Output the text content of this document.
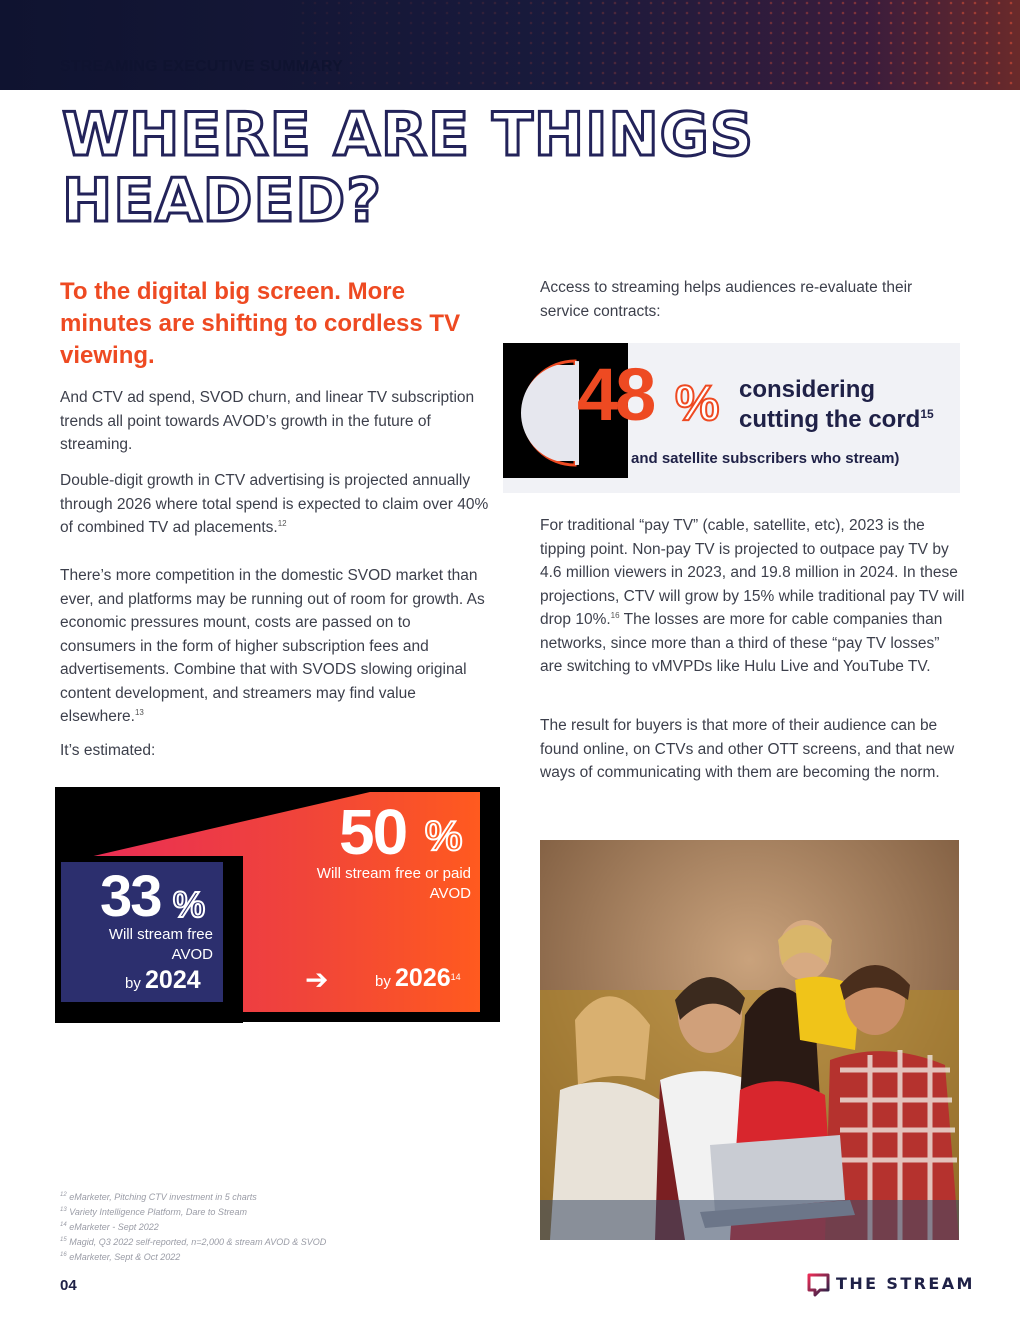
STREAMING EXECUTIVE SUMMARY
WHERE ARE THINGS
HEADED?
To the digital big screen. More minutes are shifting to cordless TV viewing.

And CTV ad spend, SVOD churn, and linear TV subscription trends all point towards AVOD’s growth in the future of streaming.

Double-digit growth in CTV advertising is projected annually through 2026 where total spend is expected to claim over 40% of combined TV ad placements.$^{12}$

There’s more competition in the domestic SVOD market than ever, and platforms may be running out of room for growth. As economic pressures mount, costs are passed on to consumers in the form of higher subscription fees and advertisements. Combine that with SVODS slowing original content development, and streamers may find value elsewhere.$^{13}$

It’s estimated:

50 %
Will stream free or paid AVOD
➔	by 2026$^{14}$
33 %
Will stream free AVOD
by 2024

Access to streaming helps audiences re-evaluate their service contracts:

48 % considering
cutting the cord$^{15}$
and satellite subscribers who stream)

For traditional “pay TV” (cable, satellite, etc), 2023 is the tipping point. Non-pay TV is projected to outpace pay TV by 4.6 million viewers in 2023, and 19.8 million in 2024. In these projections, CTV will grow by 15% while traditional pay TV will drop 10%.$^{16}$ The losses are more for cable companies than networks, since more than a third of these “pay TV losses” are switching to vMVPDs like Hulu Live and YouTube TV.

The result for buyers is that more of their audience can be found online, on CTVs and other OTT screens, and that new ways of communicating with them are becoming the norm.

$^{12}$ eMarketer, Pitching CTV investment in 5 charts
$^{13}$ Variety Intelligence Platform, Dare to Stream
$^{14}$ eMarketer - Sept 2022
$^{15}$ Magid, Q3 2022 self-reported, n=2,000 & stream AVOD & SVOD
$^{16}$ eMarketer, Sept & Oct 2022
04	THE STREAM
